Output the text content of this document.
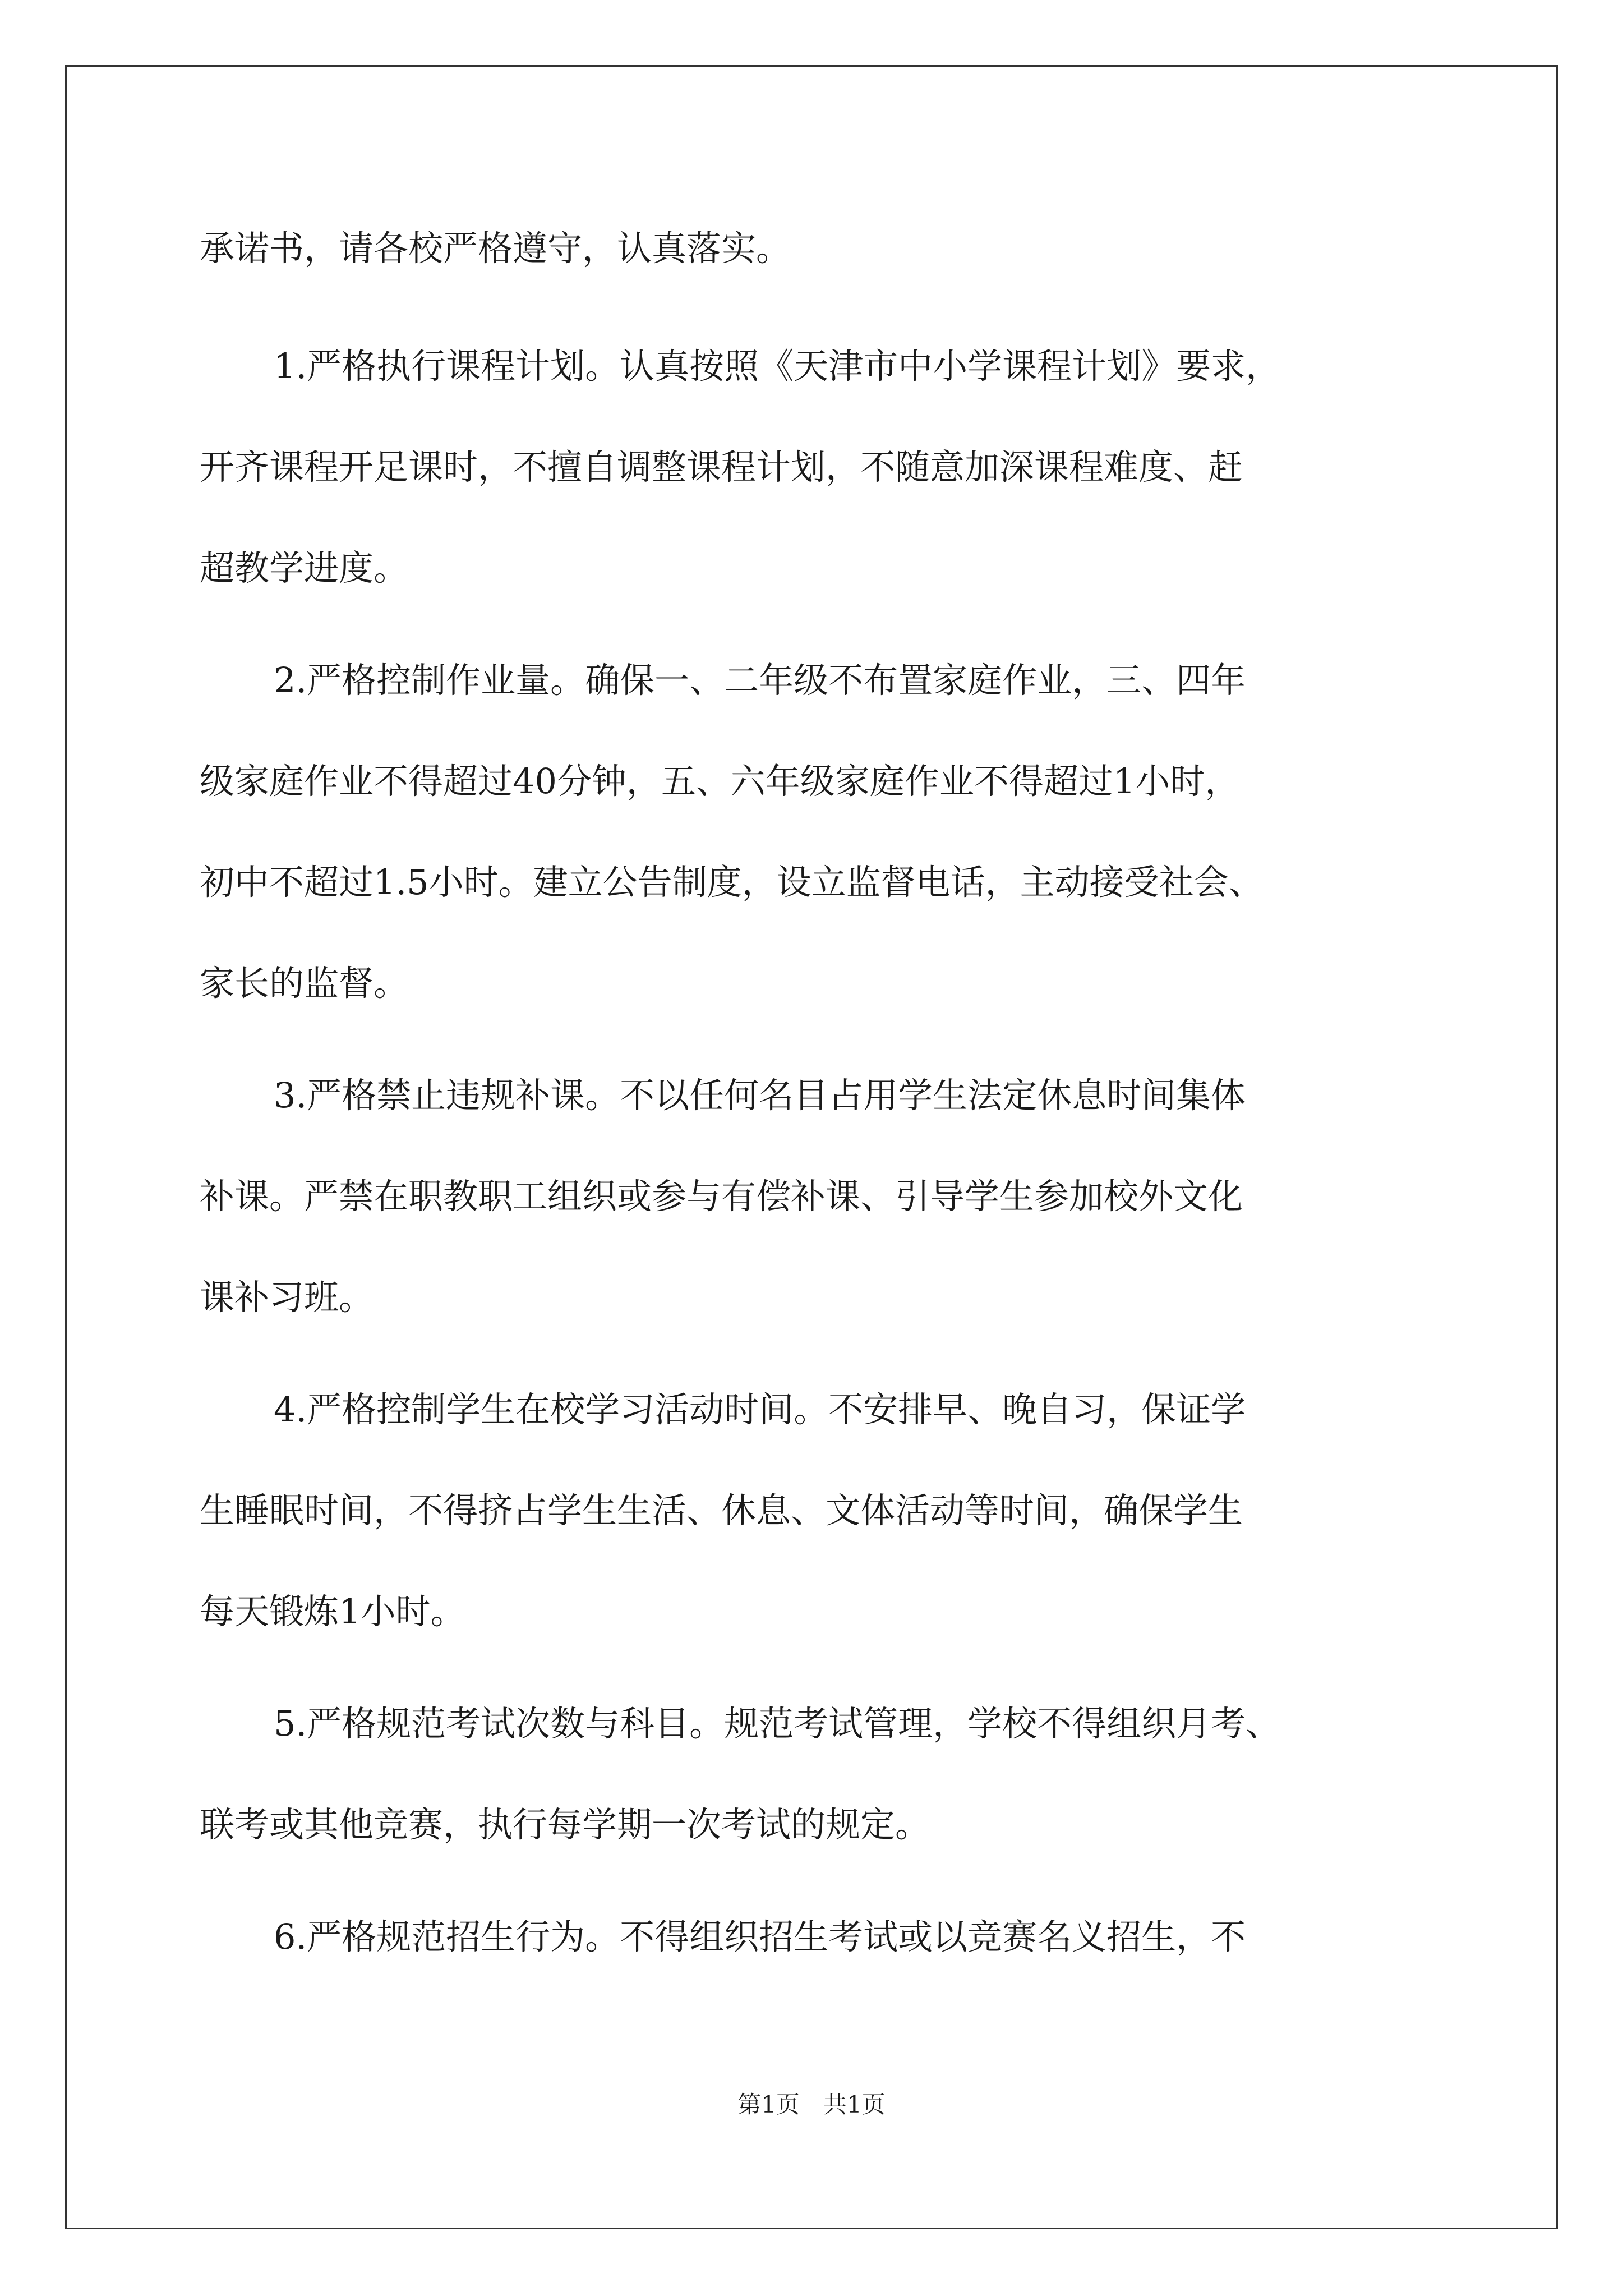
承诺书，请各校严格遵守，认真落实。

1.严格执行课程计划。认真按照《天津市中小学课程计划》要求，

开齐课程开足课时，不擅自调整课程计划，不随意加深课程难度、赶

超教学进度。

2.严格控制作业量。确保一、二年级不布置家庭作业，三、四年

级家庭作业不得超过40分钟，五、六年级家庭作业不得超过1小时，

初中不超过1.5小时。建立公告制度，设立监督电话，主动接受社会、

家长的监督。

3.严格禁止违规补课。不以任何名目占用学生法定休息时间集体

补课。严禁在职教职工组织或参与有偿补课、引导学生参加校外文化

课补习班。

4.严格控制学生在校学习活动时间。不安排早、晚自习，保证学

生睡眠时间，不得挤占学生生活、休息、文体活动等时间，确保学生

每天锻炼1小时。

5.严格规范考试次数与科目。规范考试管理，学校不得组织月考、

联考或其他竞赛，执行每学期一次考试的规定。

6.严格规范招生行为。不得组织招生考试或以竞赛名义招生，不

第1页　共1页
